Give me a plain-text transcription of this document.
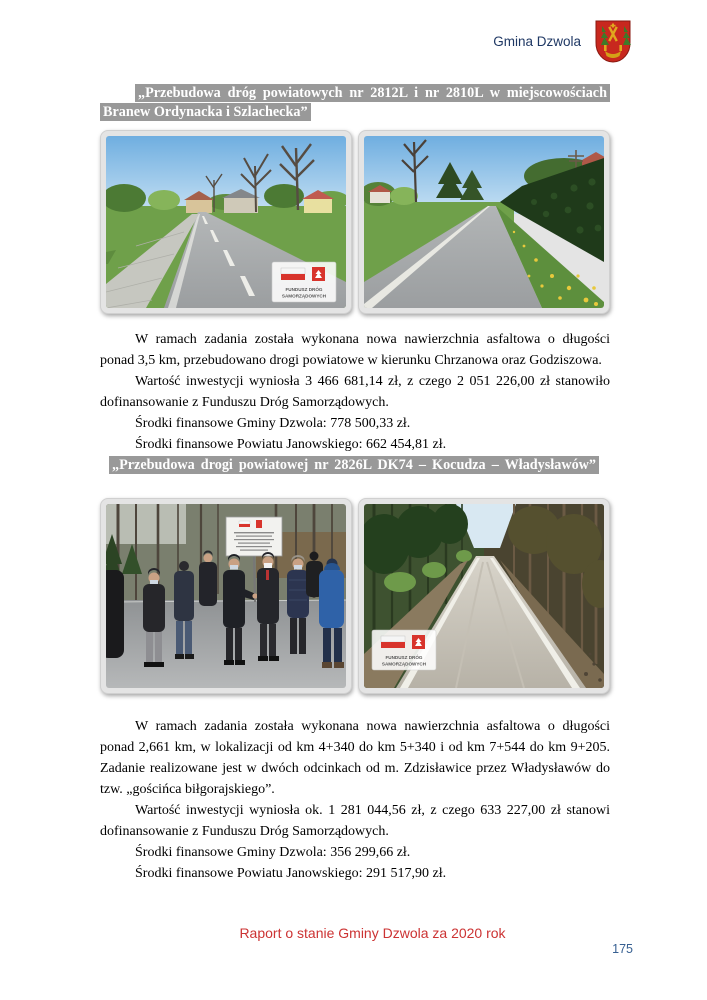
Gmina Dzwola
„Przebudowa dróg powiatowych nr 2812L i nr 2810L w miejscowościach Branew Ordynacka i Szlachecka”
FUNDUSZ DRÓG
SAMORZĄDOWYCH

W ramach zadania została wykonana nowa nawierzchnia asfaltowa o długości ponad 3,5 km, przebudowano drogi powiatowe w kierunku Chrzanowa oraz Godziszowa.

Wartość inwestycji wyniosła 3 466 681,14 zł, z czego 2 051 226,00 zł stanowiło dofinansowanie z Funduszu Dróg Samorządowych.

Środki finansowe Gminy Dzwola: 778 500,33 zł.

Środki finansowe Powiatu Janowskiego: 662 454,81 zł.

„Przebudowa drogi powiatowej nr 2826L DK74 – Kocudza – Władysławów”
FUNDUSZ DRÓG
SAMORZĄDOWYCH

W ramach zadania została wykonana nowa nawierzchnia asfaltowa o długości ponad 2,661 km, w lokalizacji od km 4+340 do km 5+340 i od km 7+544 do km 9+205. Zadanie realizowane jest w dwóch odcinkach od m. Zdzisławice przez Władysławów do tzw. „gościńca biłgorajskiego”.

Wartość inwestycji wyniosła ok. 1 281 044,56 zł, z czego 633 227,00 zł stanowi dofinansowanie z Funduszu Dróg Samorządowych.

Środki finansowe Gminy Dzwola: 356 299,66 zł.

Środki finansowe Powiatu Janowskiego: 291 517,90 zł.

Raport o stanie Gminy Dzwola za 2020 rok
175
